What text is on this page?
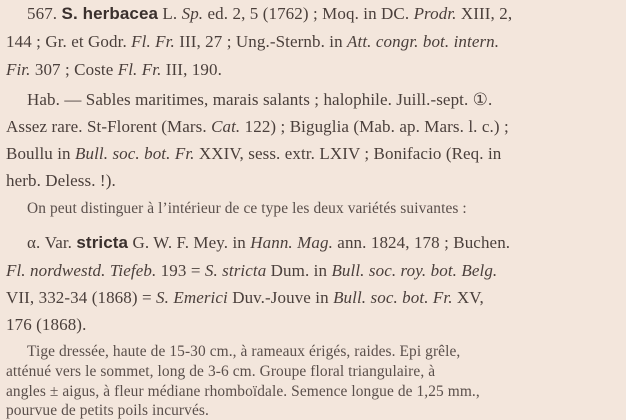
567. S. herbacea L. Sp. ed. 2, 5 (1762) ; Moq. in DC. Prodr. XIII, 2,
144 ; Gr. et Godr. Fl. Fr. III, 27 ; Ung.-Sternb. in Att. congr. bot. intern.
Fir. 307 ; Coste Fl. Fr. III, 190.
Hab. — Sables maritimes, marais salants ; halophile. Juill.-sept. ①.
Assez rare. St-Florent (Mars. Cat. 122) ; Biguglia (Mab. ap. Mars. l. c.) ;
Boullu in Bull. soc. bot. Fr. XXIV, sess. extr. LXIV ; Bonifacio (Req. in
herb. Deless. !).
On peut distinguer à l’intérieur de ce type les deux variétés suivantes :
α. Var. stricta G. W. F. Mey. in Hann. Mag. ann. 1824, 178 ; Buchen.
Fl. nordwestd. Tiefeb. 193 = S. stricta Dum. in Bull. soc. roy. bot. Belg.
VII, 332-34 (1868) = S. Emerici Duv.-Jouve in Bull. soc. bot. Fr. XV,
176 (1868).
Tige dressée, haute de 15-30 cm., à rameaux érigés, raides. Epi grêle,
atténué vers le sommet, long de 3-6 cm. Groupe floral triangulaire, à
angles ± aigus, à fleur médiane rhomboïdale. Semence longue de 1,25 mm.,
pourvue de petits poils incurvés.
